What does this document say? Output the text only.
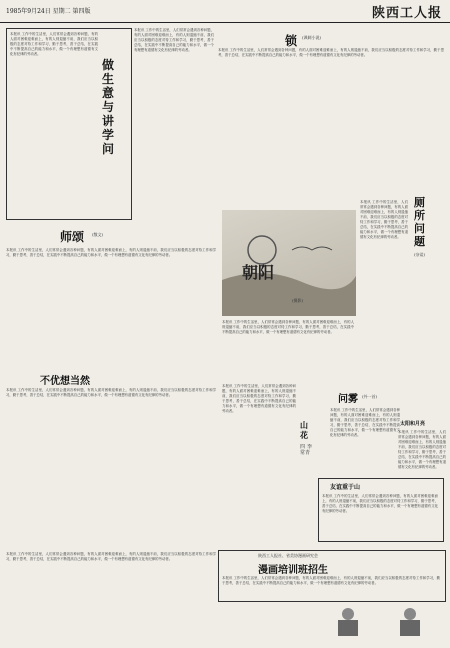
1985年9月24日 星期二 第四版	陕西工人报
做生意与讲学问
本报讯 工作中的生活里，人们常常会遇到各种问题，有的人面对困难迎难而上，有的人则退缩不前，我们应当以积极的态度对待工作和学习，勤于思考，善于总结，在实践中不断提高自己的能力和水平，做一个有理想有道德有文化有纪律的劳动者。
本报讯 工作中的生活里，人们常常会遇到各种问题，有的人面对困难迎难而上，有的人则退缩不前，我们应当以积极的态度对待工作和学习，勤于思考，善于总结，在实践中不断提高自己的能力和水平，做一个有理想有道德有文化有纪律的劳动者。
锁 (讽刺小说)
本报讯 工作中的生活里，人们常常会遇到各种问题，有的人面对困难迎难而上，有的人则退缩不前，我们应当以积极的态度对待工作和学习，勤于思考，善于总结，在实践中不断提高自己的能力和水平，做一个有理想有道德有文化有纪律的劳动者。
师颂 (散文)
本报讯 工作中的生活里，人们常常会遇到各种问题，有的人面对困难迎难而上，有的人则退缩不前，我们应当以积极的态度对待工作和学习，勤于思考，善于总结，在实践中不断提高自己的能力和水平，做一个有理想有道德有文化有纪律的劳动者。
朝阳
(摄影)
本报讯 工作中的生活里，人们常常会遇到各种问题，有的人面对困难迎难而上，有的人则退缩不前，我们应当以积极的态度对待工作和学习，勤于思考，善于总结，在实践中不断提高自己的能力和水平，做一个有理想有道德有文化有纪律的劳动者。
厕所问题
(杂谈)
本报讯 工作中的生活里，人们常常会遇到各种问题，有的人面对困难迎难而上，有的人则退缩不前，我们应当以积极的态度对待工作和学习，勤于思考，善于总结，在实践中不断提高自己的能力和水平，做一个有理想有道德有文化有纪律的劳动者。
不优想当然
本报讯 工作中的生活里，人们常常会遇到各种问题，有的人面对困难迎难而上，有的人则退缩不前，我们应当以积极的态度对待工作和学习，勤于思考，善于总结，在实践中不断提高自己的能力和水平，做一个有理想有道德有文化有纪律的劳动者。
山花
四季常青
本报讯 工作中的生活里，人们常常会遇到各种问题，有的人面对困难迎难而上，有的人则退缩不前，我们应当以积极的态度对待工作和学习，勤于思考，善于总结，在实践中不断提高自己的能力和水平，做一个有理想有道德有文化有纪律的劳动者。
友谊重于山
本报讯 工作中的生活里，人们常常会遇到各种问题，有的人面对困难迎难而上，有的人则退缩不前，我们应当以积极的态度对待工作和学习，勤于思考，善于总结，在实践中不断提高自己的能力和水平，做一个有理想有道德有文化有纪律的劳动者。
问雾 (外一首)
本报讯 工作中的生活里，人们常常会遇到各种问题，有的人面对困难迎难而上，有的人则退缩不前，我们应当以积极的态度对待工作和学习，勤于思考，善于总结，在实践中不断提高自己的能力和水平，做一个有理想有道德有文化有纪律的劳动者。
太阳和月亮
本报讯 工作中的生活里，人们常常会遇到各种问题，有的人面对困难迎难而上，有的人则退缩不前，我们应当以积极的态度对待工作和学习，勤于思考，善于总结，在实践中不断提高自己的能力和水平，做一个有理想有道德有文化有纪律的劳动者。
陕西工人报社、省美协漫画研究会
漫画培训班招生
本报讯 工作中的生活里，人们常常会遇到各种问题，有的人面对困难迎难而上，有的人则退缩不前，我们应当以积极的态度对待工作和学习，勤于思考，善于总结，在实践中不断提高自己的能力和水平，做一个有理想有道德有文化有纪律的劳动者。
本报讯 工作中的生活里，人们常常会遇到各种问题，有的人面对困难迎难而上，有的人则退缩不前，我们应当以积极的态度对待工作和学习，勤于思考，善于总结，在实践中不断提高自己的能力和水平，做一个有理想有道德有文化有纪律的劳动者。
